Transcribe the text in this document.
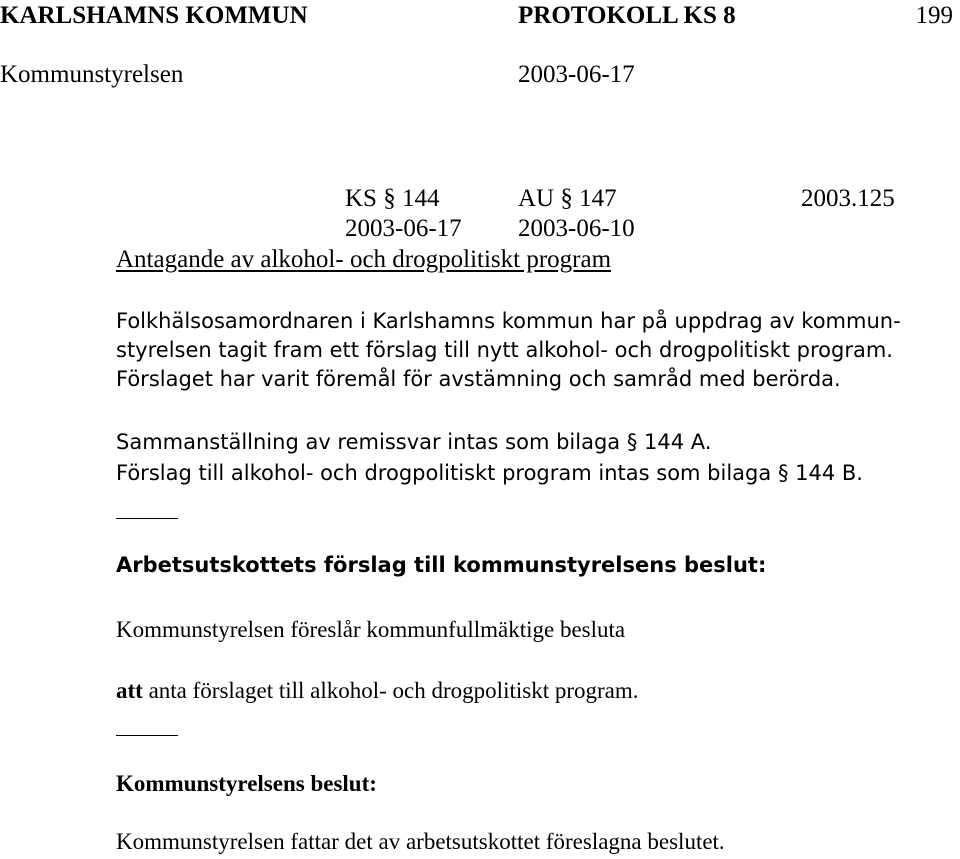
KARLSHAMNS KOMMUN	PROTOKOLL KS 8	199
Kommunstyrelsen	2003-06-17
KS § 144	AU § 147	2003.125
2003-06-17 2003-06-10
Antagande av alkohol- och drogpolitiskt program
Folkhälsosamordnaren i Karlshamns kommun har på uppdrag av kommun-
styrelsen tagit fram ett förslag till nytt alkohol- och drogpolitiskt program.
Förslaget har varit föremål för avstämning och samråd med berörda.
Sammanställning av remissvar intas som bilaga § 144 A.
Förslag till alkohol- och drogpolitiskt program intas som bilaga § 144 B.
Arbetsutskottets förslag till kommunstyrelsens beslut:
Kommunstyrelsen föreslår kommunfullmäktige besluta
att anta förslaget till alkohol- och drogpolitiskt program.
Kommunstyrelsens beslut:
Kommunstyrelsen fattar det av arbetsutskottet föreslagna beslutet.
